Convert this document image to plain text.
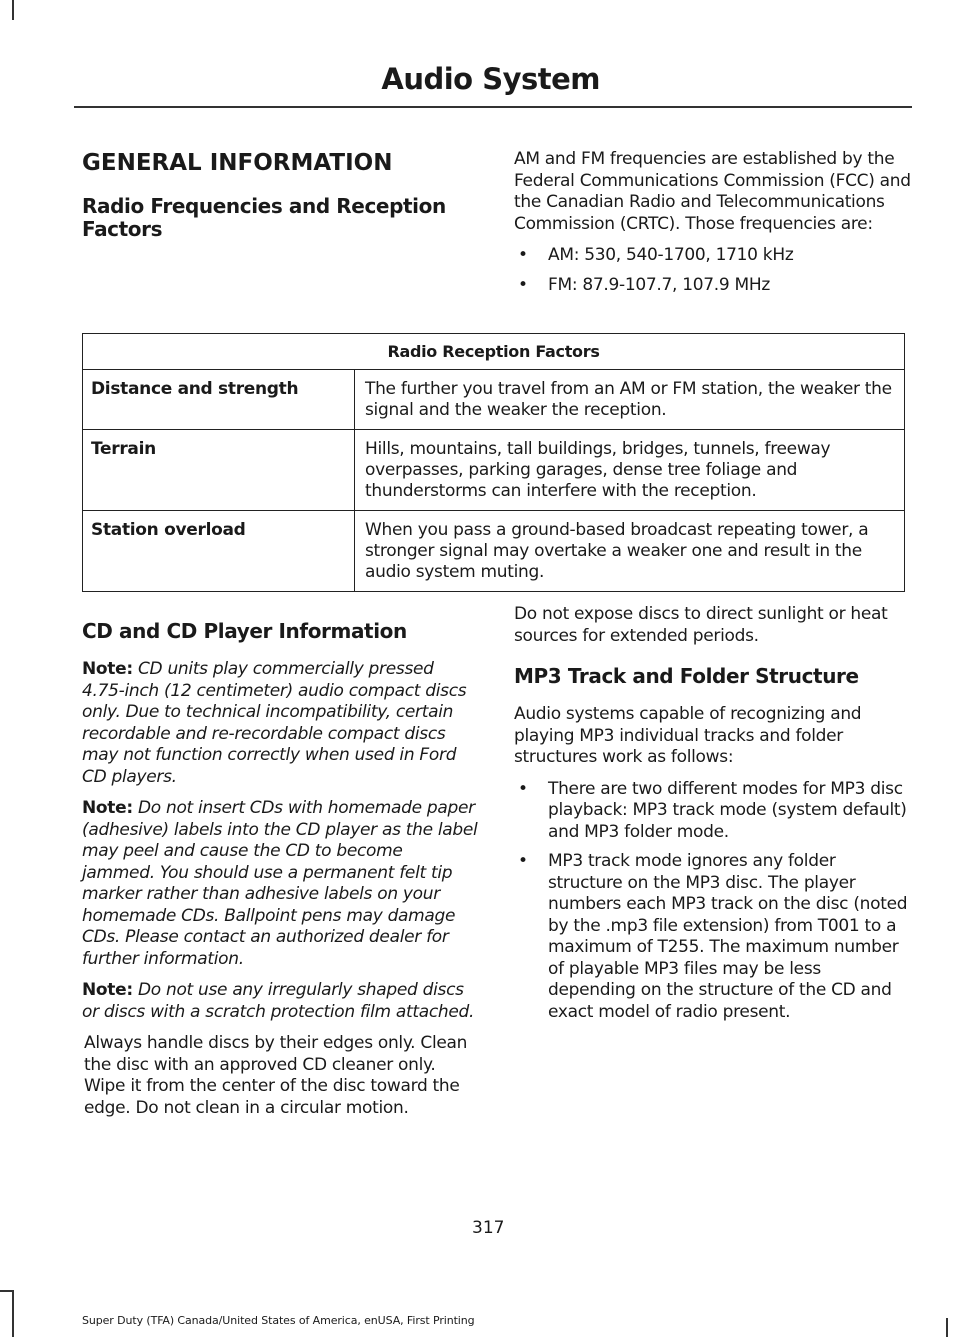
Audio System
GENERAL INFORMATION
Radio Frequencies and Reception Factors

AM and FM frequencies are established by the Federal Communications Commission (FCC) and the Canadian Radio and Telecommunications Commission (CRTC). Those frequencies are:

• AM: 530, 540-1700, 1710 kHz
• FM: 87.9-107.7, 107.9 MHz
Radio Reception Factors	
Distance and strength	The further you travel from an AM or FM station, the weaker the signal and the weaker the reception.
Terrain	Hills, mountains, tall buildings, bridges, tunnels, freeway overpasses, parking garages, dense tree foliage and thunderstorms can interfere with the reception.
Station overload	When you pass a ground-based broadcast repeating tower, a stronger signal may overtake a weaker one and result in the audio system muting.
CD and CD Player Information

Note: CD units play commercially pressed 4.75-inch (12 centimeter) audio compact discs only. Due to technical incompatibility, certain recordable and re-recordable compact discs may not function correctly when used in Ford CD players.

Note: Do not insert CDs with homemade paper (adhesive) labels into the CD player as the label may peel and cause the CD to become jammed. You should use a permanent felt tip marker rather than adhesive labels on your homemade CDs. Ballpoint pens may damage CDs. Please contact an authorized dealer for further information.

Note: Do not use any irregularly shaped discs or discs with a scratch protection film attached.

Always handle discs by their edges only. Clean the disc with an approved CD cleaner only. Wipe it from the center of the disc toward the edge. Do not clean in a circular motion.

Do not expose discs to direct sunlight or heat sources for extended periods.

MP3 Track and Folder Structure

Audio systems capable of recognizing and playing MP3 individual tracks and folder structures work as follows:

• There are two different modes for MP3 disc playback: MP3 track mode (system default) and MP3 folder mode.
• MP3 track mode ignores any folder structure on the MP3 disc. The player numbers each MP3 track on the disc (noted by the .mp3 file extension) from T001 to a maximum of T255. The maximum number of playable MP3 files may be less depending on the structure of the CD and exact model of radio present.
317
Super Duty (TFA) Canada/United States of America, enUSA, First Printing
